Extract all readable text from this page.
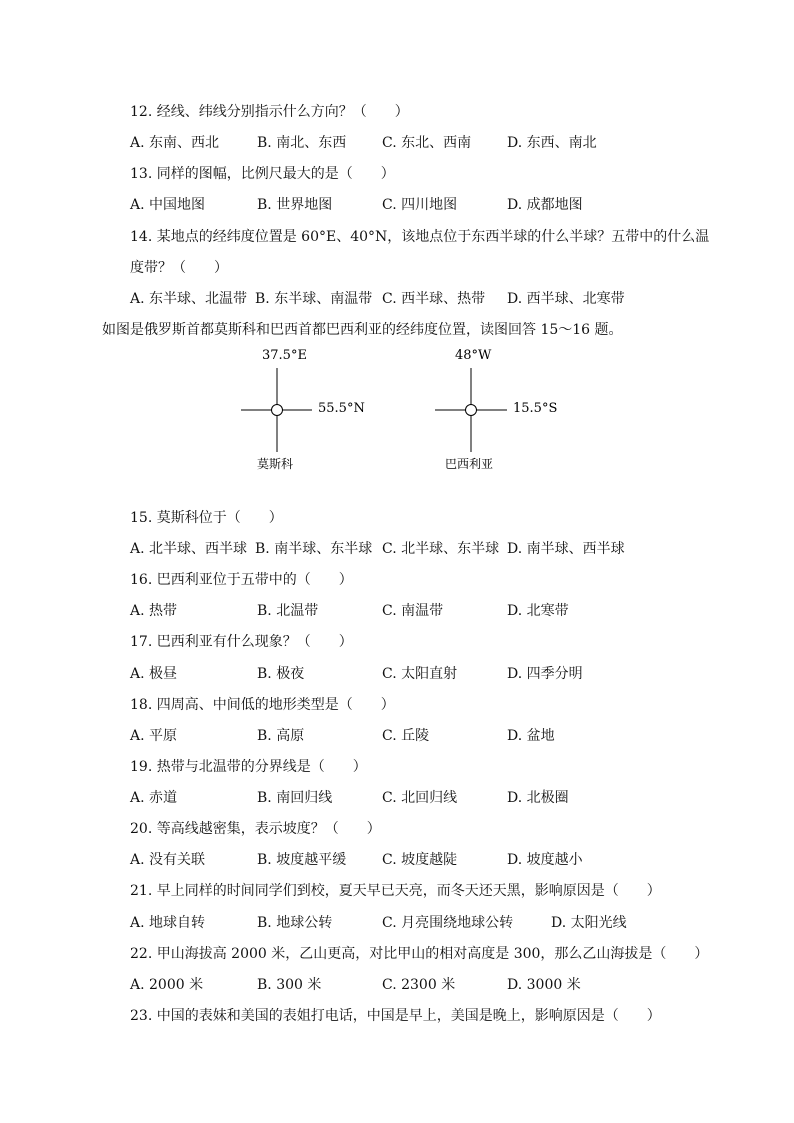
12. 经线、纬线分别指示什么方向？（　　）
A. 东南、西北	B. 南北、东西	C. 东北、西南	D. 东西、南北
13. 同样的图幅，比例尺最大的是（　　）
A. 中国地图	B. 世界地图	C. 四川地图	D. 成都地图
14. 某地点的经纬度位置是 60°E、40°N，该地点位于东西半球的什么半球？五带中的什么温
度带？（　　）
A. 东半球、北温带 B. 东半球、南温带 C. 西半球、热带 D. 西半球、北寒带
如图是俄罗斯首都莫斯科和巴西首都巴西利亚的经纬度位置，读图回答 15～16 题。
37.5°E
55.5°N
莫斯科
48°W
15.5°S
巴西利亚
15. 莫斯科位于（　　）
A. 北半球、西半球 B. 南半球、东半球 C. 北半球、东半球 D. 南半球、西半球
16. 巴西利亚位于五带中的（　　）
A. 热带	B. 北温带	C. 南温带	D. 北寒带
17. 巴西利亚有什么现象？（　　）
A. 极昼	B. 极夜	C. 太阳直射	D. 四季分明
18. 四周高、中间低的地形类型是（　　）
A. 平原	B. 高原	C. 丘陵	D. 盆地
19. 热带与北温带的分界线是（　　）
A. 赤道	B. 南回归线	C. 北回归线	D. 北极圈
20. 等高线越密集，表示坡度？（　　）
A. 没有关联	B. 坡度越平缓	C. 坡度越陡	D. 坡度越小
21. 早上同样的时间同学们到校，夏天早已天亮，而冬天还天黑，影响原因是（　　）
A. 地球自转	B. 地球公转	C. 月亮围绕地球公转	D. 太阳光线
22. 甲山海拔高 2000 米，乙山更高，对比甲山的相对高度是 300，那么乙山海拔是（　　）
A. 2000 米	B. 300 米	C. 2300 米	D. 3000 米
23. 中国的表妹和美国的表姐打电话，中国是早上，美国是晚上，影响原因是（　　）
